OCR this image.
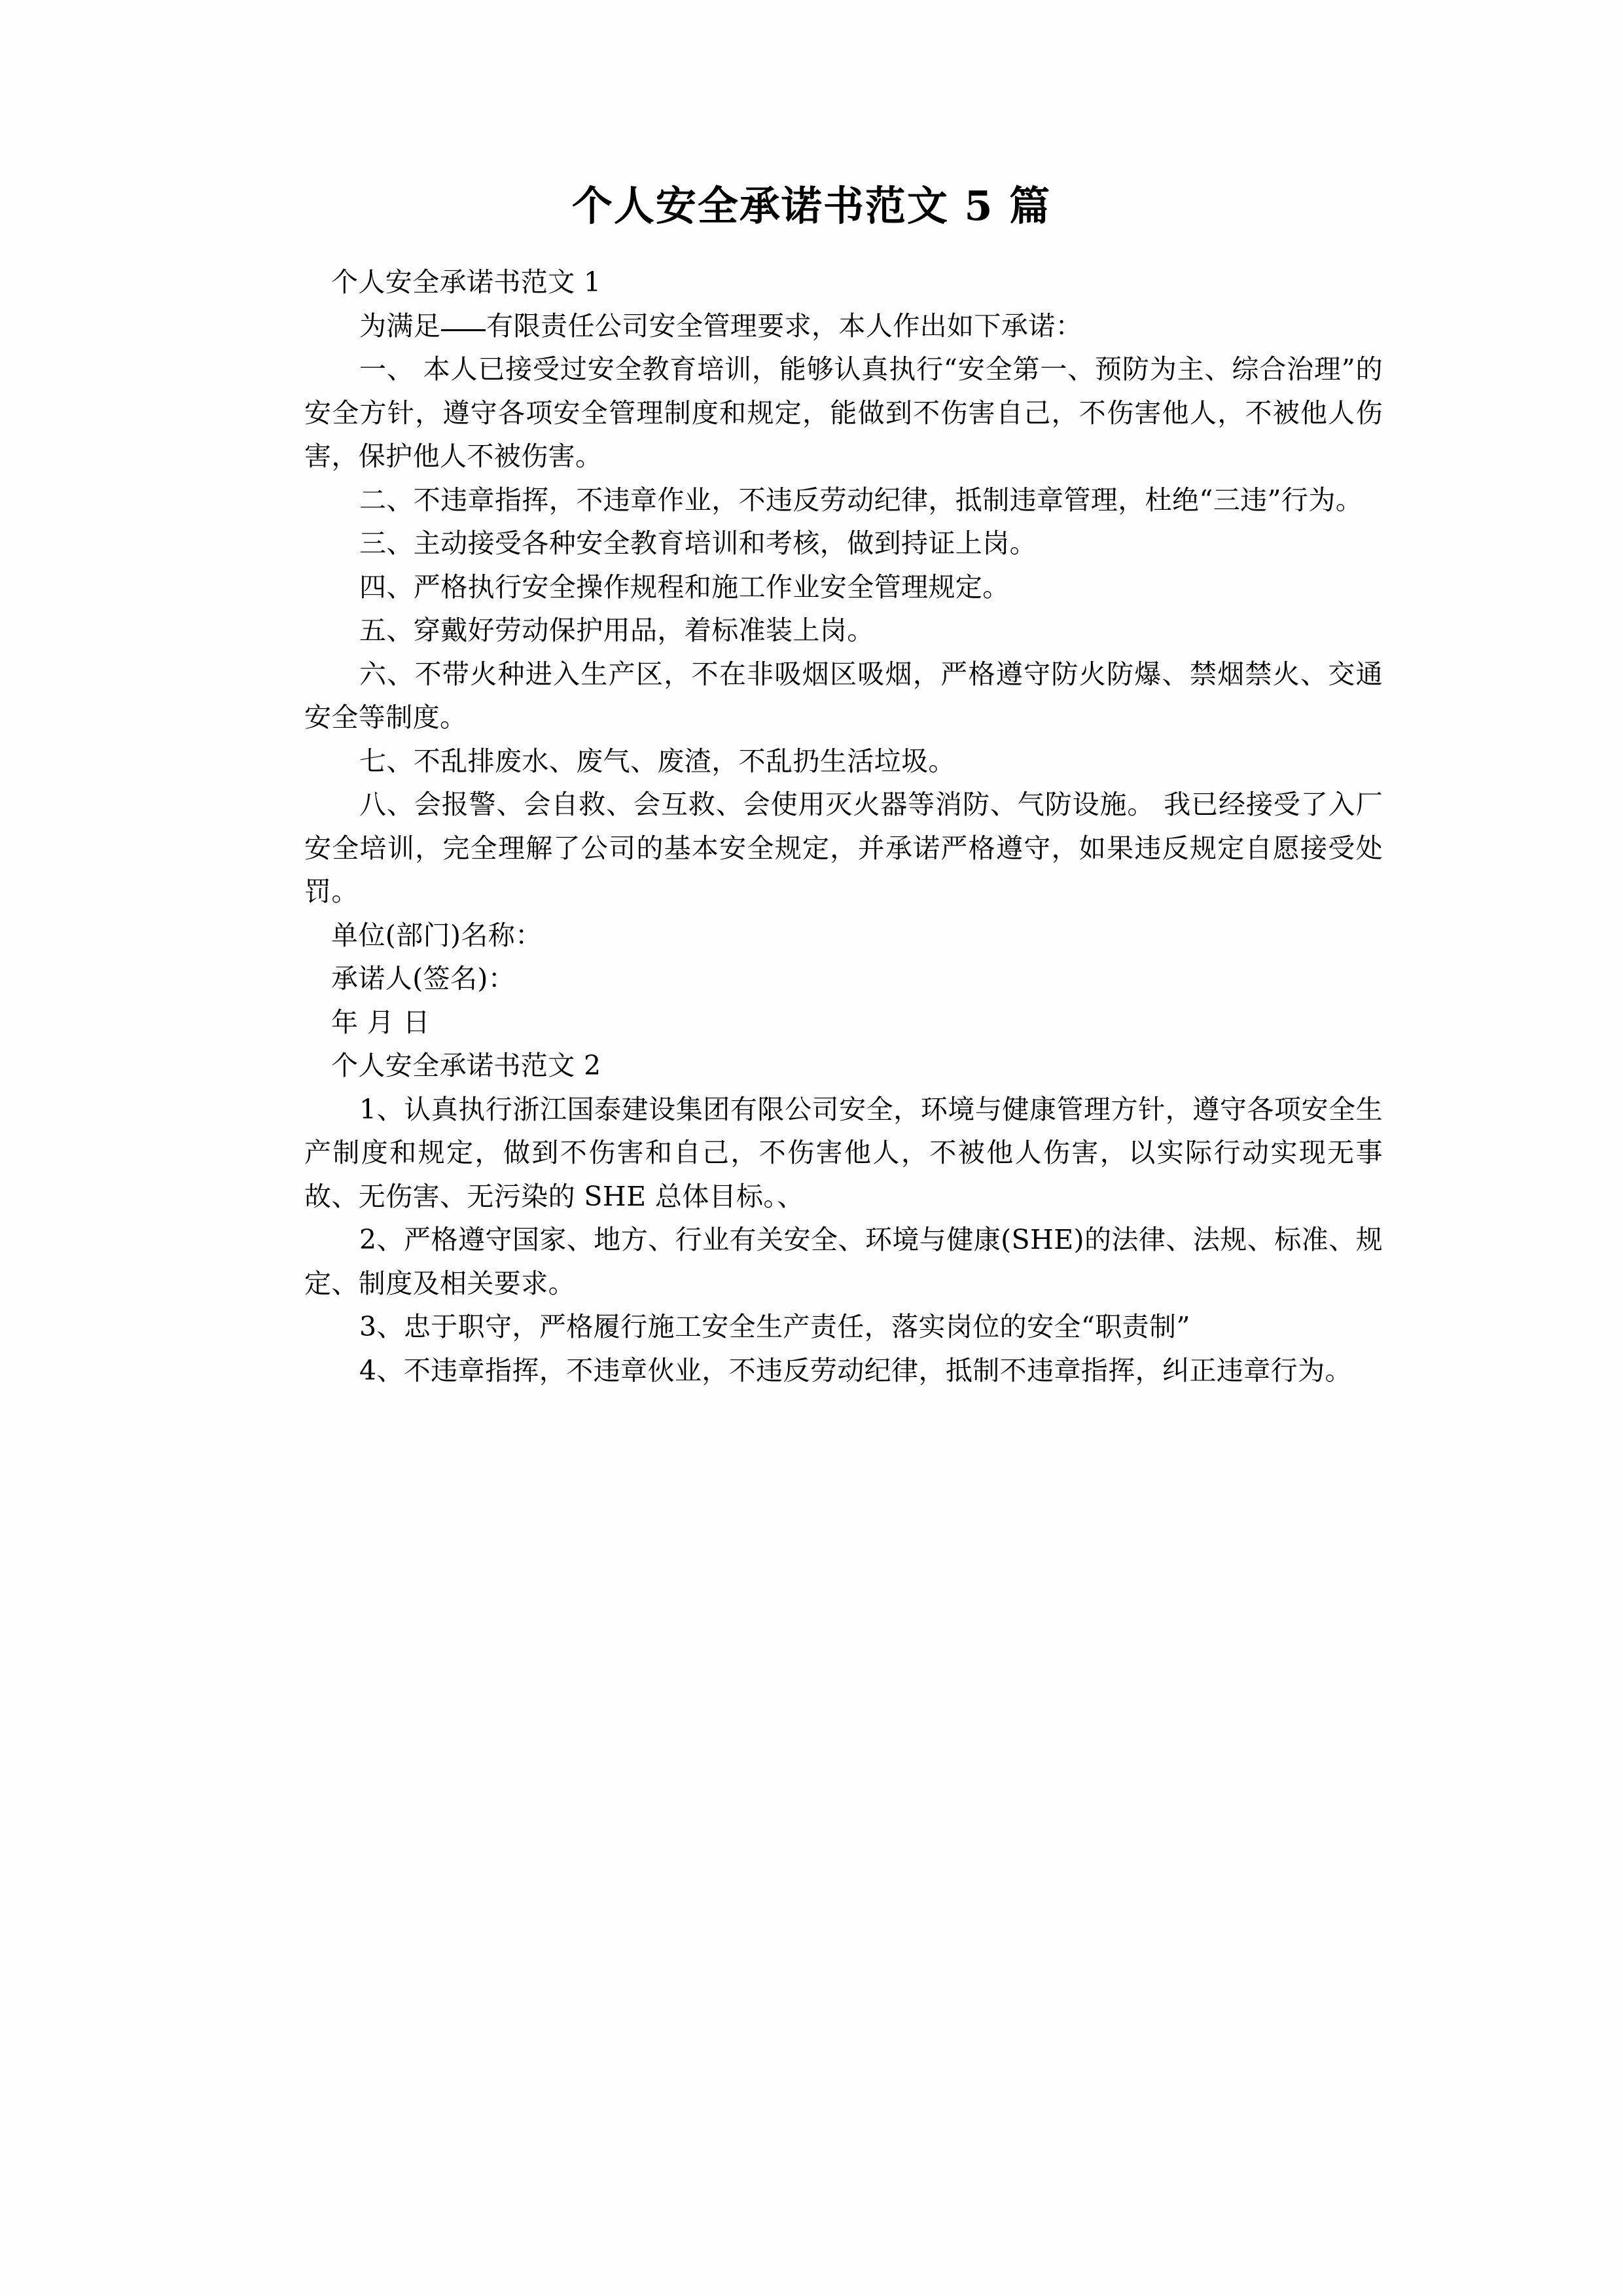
个人安全承诺书范文 5 篇

个人安全承诺书范文 1

为满足 有限责任公司安全管理要求，本人作出如下承诺：

一、 本人已接受过安全教育培训，能够认真执行“安全第一、预防为主、综合治理”的安全方针，遵守各项安全管理制度和规定，能做到不伤害自己，不伤害他人，不被他人伤害，保护他人不被伤害。

二、不违章指挥，不违章作业，不违反劳动纪律，抵制违章管理，杜绝“三违”行为。

三、主动接受各种安全教育培训和考核，做到持证上岗。

四、严格执行安全操作规程和施工作业安全管理规定。

五、穿戴好劳动保护用品，着标准装上岗。

六、不带火种进入生产区，不在非吸烟区吸烟，严格遵守防火防爆、禁烟禁火、交通安全等制度。

七、不乱排废水、废气、废渣，不乱扔生活垃圾。

八、会报警、会自救、会互救、会使用灭火器等消防、气防设施。 我已经接受了入厂安全培训，完全理解了公司的基本安全规定，并承诺严格遵守，如果违反规定自愿接受处罚。

单位(部门)名称：

承诺人(签名)：

年 月 日

个人安全承诺书范文 2

1、认真执行浙江国泰建设集团有限公司安全，环境与健康管理方针，遵守各项安全生产制度和规定，做到不伤害和自己，不伤害他人，不被他人伤害，以实际行动实现无事故、无伤害、无污染的 SHE 总体目标。、

2、严格遵守国家、地方、行业有关安全、环境与健康(SHE)的法律、法规、标准、规定、制度及相关要求。

3、忠于职守，严格履行施工安全生产责任，落实岗位的安全“职责制”

4、不违章指挥，不违章伙业，不违反劳动纪律，抵制不违章指挥，纠正违章行为。
